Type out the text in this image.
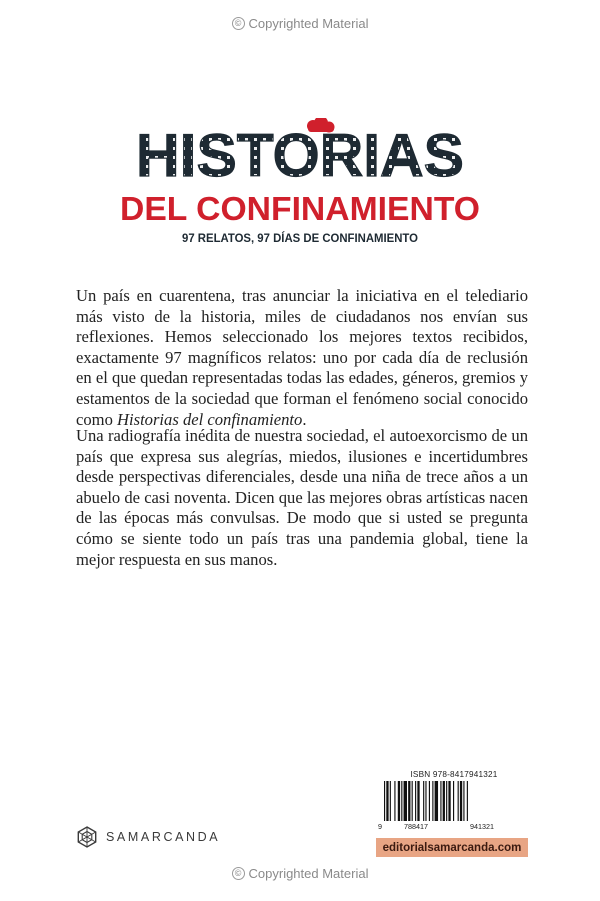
© Copyrighted Material
HISTORIAS
DEL CONFINAMIENTO
97 RELATOS, 97 DÍAS DE CONFINAMIENTO

Un país en cuarentena, tras anunciar la iniciativa en el telediario más visto de la historia, miles de ciudadanos nos envían sus reflexiones. Hemos seleccionado los mejores textos recibidos, exactamente 97 magníficos relatos: uno por cada día de reclusión en el que quedan representadas todas las edades, géneros, gremios y estamentos de la sociedad que forman el fenómeno social conocido como Historias del confinamiento.

Una radiografía inédita de nuestra sociedad, el autoexorcismo de un país que expresa sus alegrías, miedos, ilusiones e incertidumbres desde perspectivas diferenciales, desde una niña de trece años a un abuelo de casi noventa. Dicen que las mejores obras artísticas nacen de las épocas más convulsas. De modo que si usted se pregunta cómo se siente todo un país tras una pandemia global, tiene la mejor respuesta en sus manos.

SAMARCANDA
ISBN 978-8417941321
9	788417	941321
editorialsamarcanda.com
© Copyrighted Material
